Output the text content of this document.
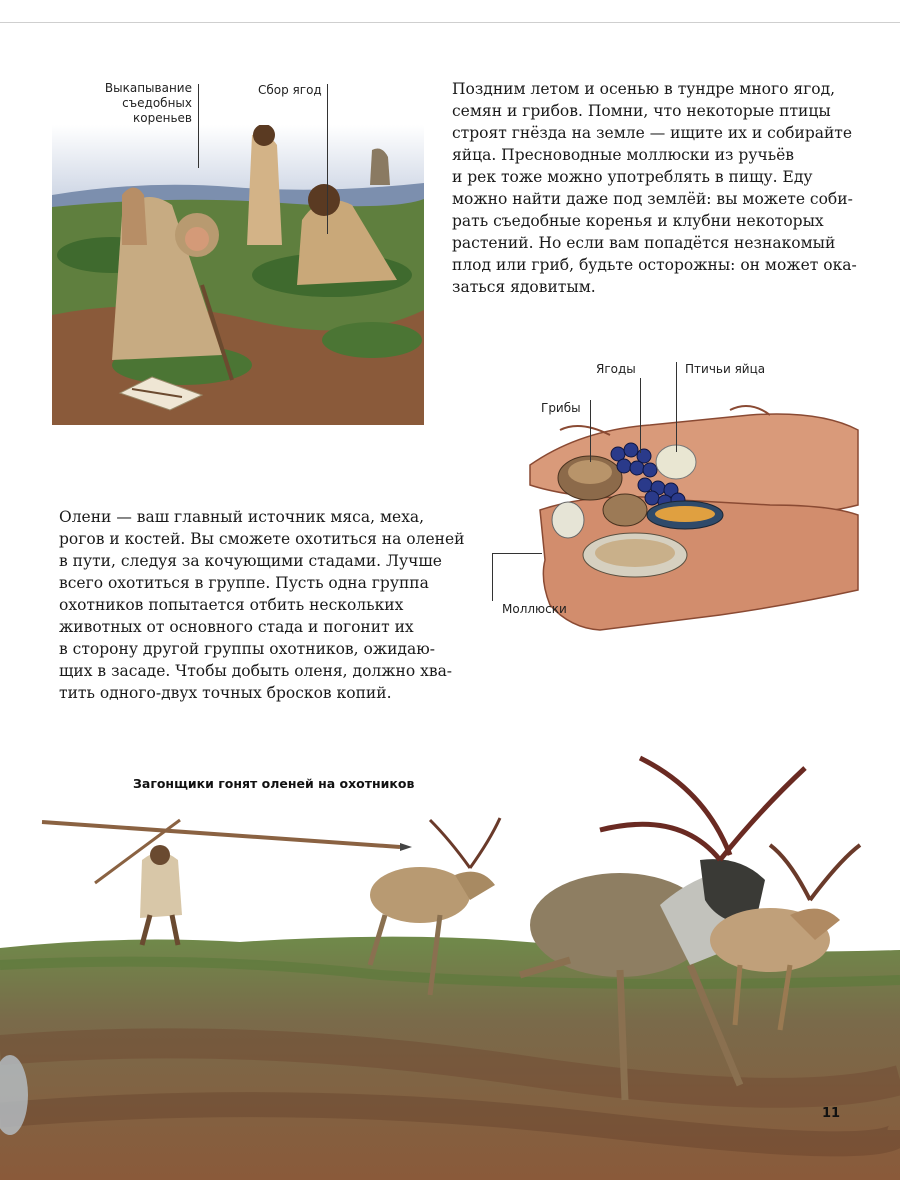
Выкапывание
съедобных
кореньев
Сбор ягод	Поздним летом и осенью в тундре много ягод,
семян и грибов. Помни, что некоторые птицы
строят гнёзда на земле — ищите их и собирайте
яйца. Пресноводные моллюски из ручьёв
и рек тоже можно употреблять в пищу. Еду
можно найти даже под землёй: вы можете соби-
рать съедобные коренья и клубни некоторых
растений. Но если вам попадётся незнакомый
плод или гриб, будьте осторожны: он может ока-
заться ядовитым.

Ягоды	Птичьи яйца
Грибы
Моллюски

Олени — ваш главный источник мяса, меха,
рогов и костей. Вы сможете охотиться на оленей
в пути, следуя за кочующими стадами. Лучше
всего охотиться в группе. Пусть одна группа
охотников попытается отбить нескольких
животных от основного стада и погонит их
в сторону другой группы охотников, ожидаю-
щих в засаде. Чтобы добыть оленя, должно хва-
тить одного-двух точных бросков копий.

Загонщики гонят оленей на охотников
11
